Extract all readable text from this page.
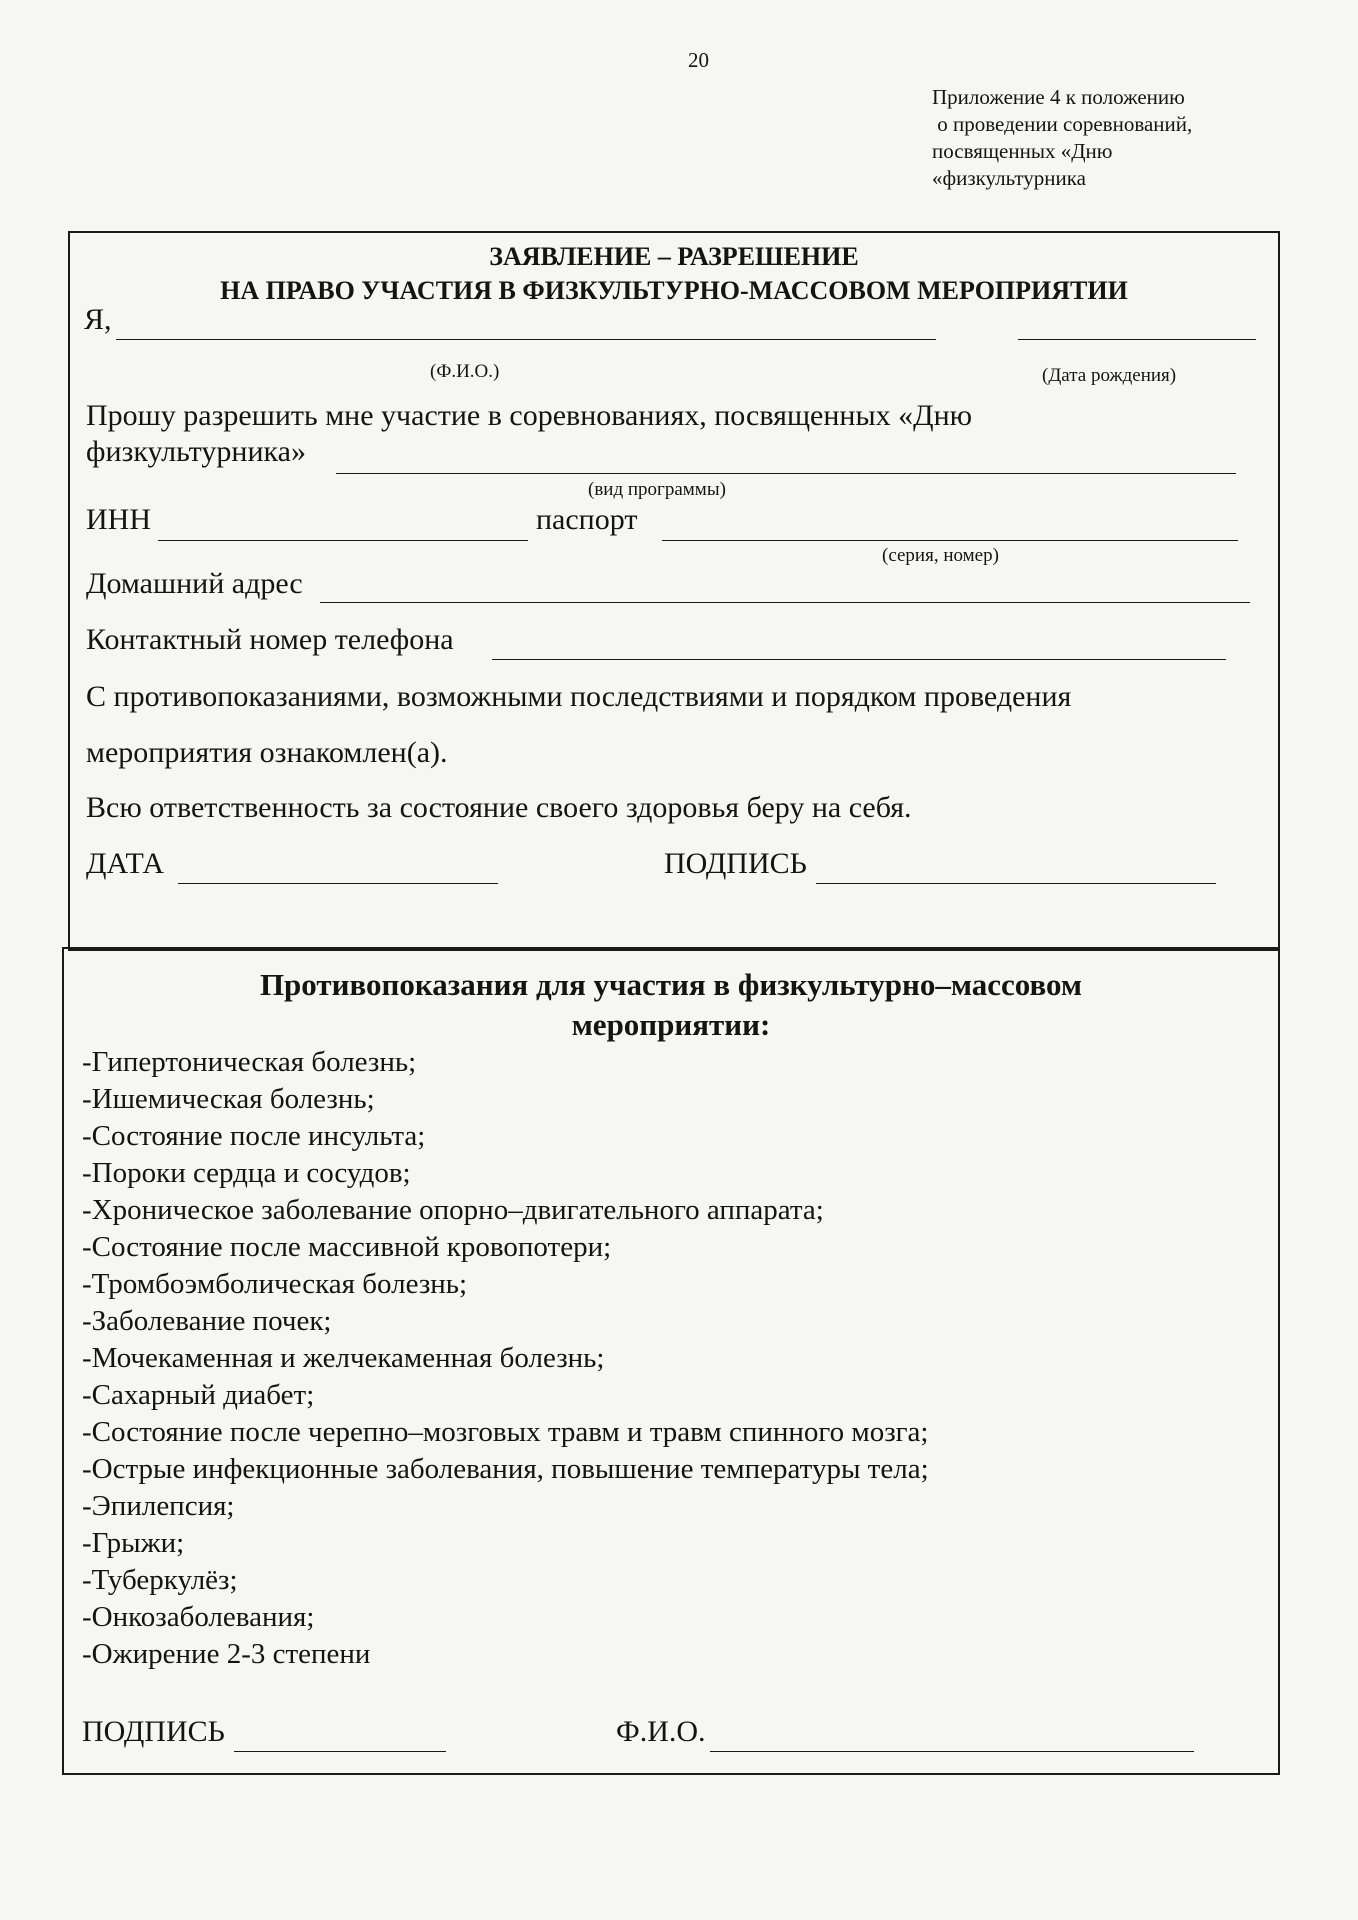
20
Приложение 4 к положению
о проведении соревнований,
посвященных «Дню
«физкультурника
ЗАЯВЛЕНИЕ – РАЗРЕШЕНИЕ
НА ПРАВО УЧАСТИЯ В ФИЗКУЛЬТУРНО-МАССОВОМ МЕРОПРИЯТИИ
Я,
(Ф.И.О.)	(Дата рождения)
Прошу разрешить мне участие в соревнованиях, посвященных «Дню
физкультурника»
(вид программы)
ИНН	паспорт
(серия, номер)
Домашний адрес
Контактный номер телефона
С противопоказаниями, возможными последствиями и порядком проведения
мероприятия ознакомлен(а).
Всю ответственность за состояние своего здоровья беру на себя.
ДАТА	ПОДПИСЬ
Противопоказания для участия в физкультурно–массовом
мероприятии:
-Гипертоническая болезнь;
-Ишемическая болезнь;
-Состояние после инсульта;
-Пороки сердца и сосудов;
-Хроническое заболевание опорно–двигательного аппарата;
-Состояние после массивной кровопотери;
-Тромбоэмболическая болезнь;
-Заболевание почек;
-Мочекаменная и желчекаменная болезнь;
-Сахарный диабет;
-Состояние после черепно–мозговых травм и травм спинного мозга;
-Острые инфекционные заболевания, повышение температуры тела;
-Эпилепсия;
-Грыжи;
-Туберкулёз;
-Онкозаболевания;
-Ожирение 2-3 степени
ПОДПИСЬ	Ф.И.О.
